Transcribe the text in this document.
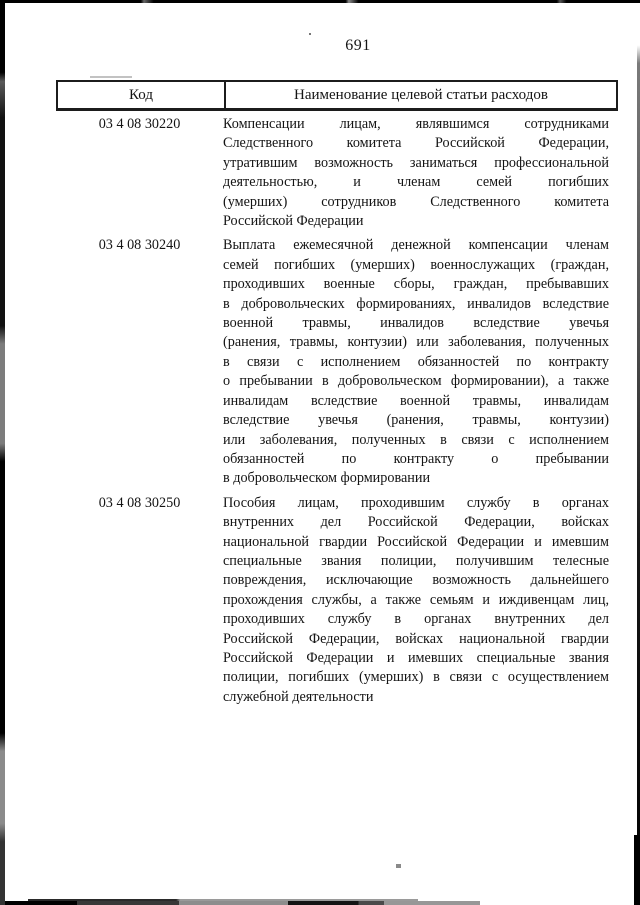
691
Код	Наименование целевой статьи расходов
03 4 08 30220	Компенсации лицам, являвшимся сотрудниками
Следственного комитета Российской Федерации,
утратившим возможность заниматься профессиональной
деятельностью, и членам семей погибших
(умерших) сотрудников Следственного комитета
Российской Федерации
03 4 08 30240	Выплата ежемесячной денежной компенсации членам
семей погибших (умерших) военнослужащих (граждан,
проходивших военные сборы, граждан, пребывавших
в добровольческих формированиях, инвалидов вследствие
военной травмы, инвалидов вследствие увечья
(ранения, травмы, контузии) или заболевания, полученных
в связи с исполнением обязанностей по контракту
о пребывании в добровольческом формировании), а также
инвалидам вследствие военной травмы, инвалидам
вследствие увечья (ранения, травмы, контузии)
или заболевания, полученных в связи с исполнением
обязанностей по контракту о пребывании
в добровольческом формировании
03 4 08 30250	Пособия лицам, проходившим службу в органах
внутренних дел Российской Федерации, войсках
национальной гвардии Российской Федерации и имевшим
специальные звания полиции, получившим телесные
повреждения, исключающие возможность дальнейшего
прохождения службы, а также семьям и иждивенцам лиц,
проходивших службу в органах внутренних дел
Российской Федерации, войсках национальной гвардии
Российской Федерации и имевших специальные звания
полиции, погибших (умерших) в связи с осуществлением
служебной деятельности
